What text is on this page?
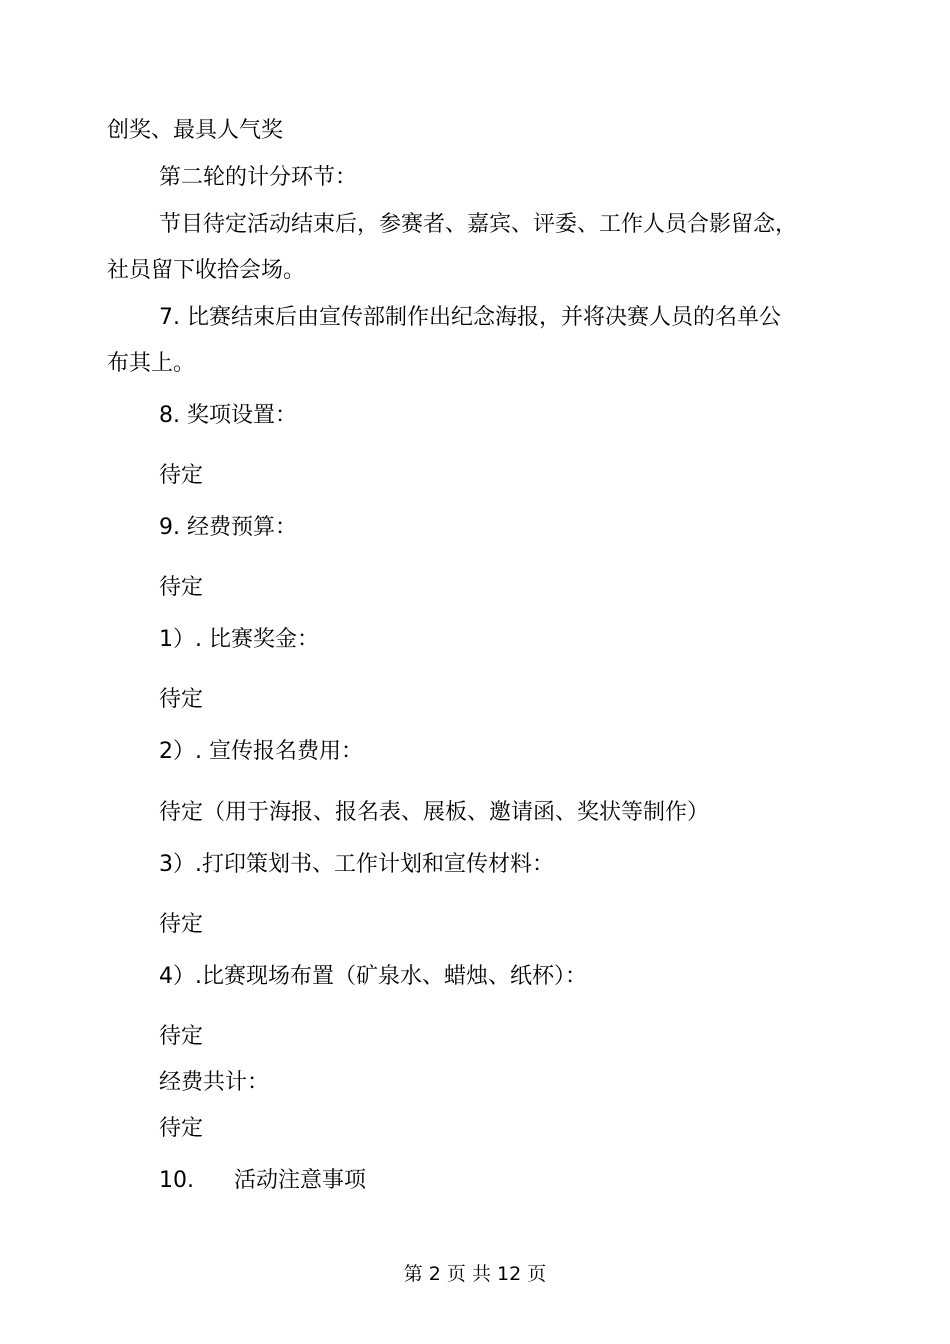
创奖、最具人气奖
第二轮的计分环节：
节目待定活动结束后，参赛者、嘉宾、评委、工作人员合影留念，
社员留下收拾会场。
7. 比赛结束后由宣传部制作出纪念海报，并将决赛人员的名单公
布其上。
8. 奖项设置：
待定
9. 经费预算：
待定
1）. 比赛奖金：
待定
2）. 宣传报名费用：
待定（用于海报、报名表、展板、邀请函、奖状等制作）
3）.打印策划书、工作计划和宣传材料：
待定
4）.比赛现场布置（矿泉水、蜡烛、纸杯）：
待定
经费共计：
待定
10. 活动注意事项
第 2 页 共 12 页
